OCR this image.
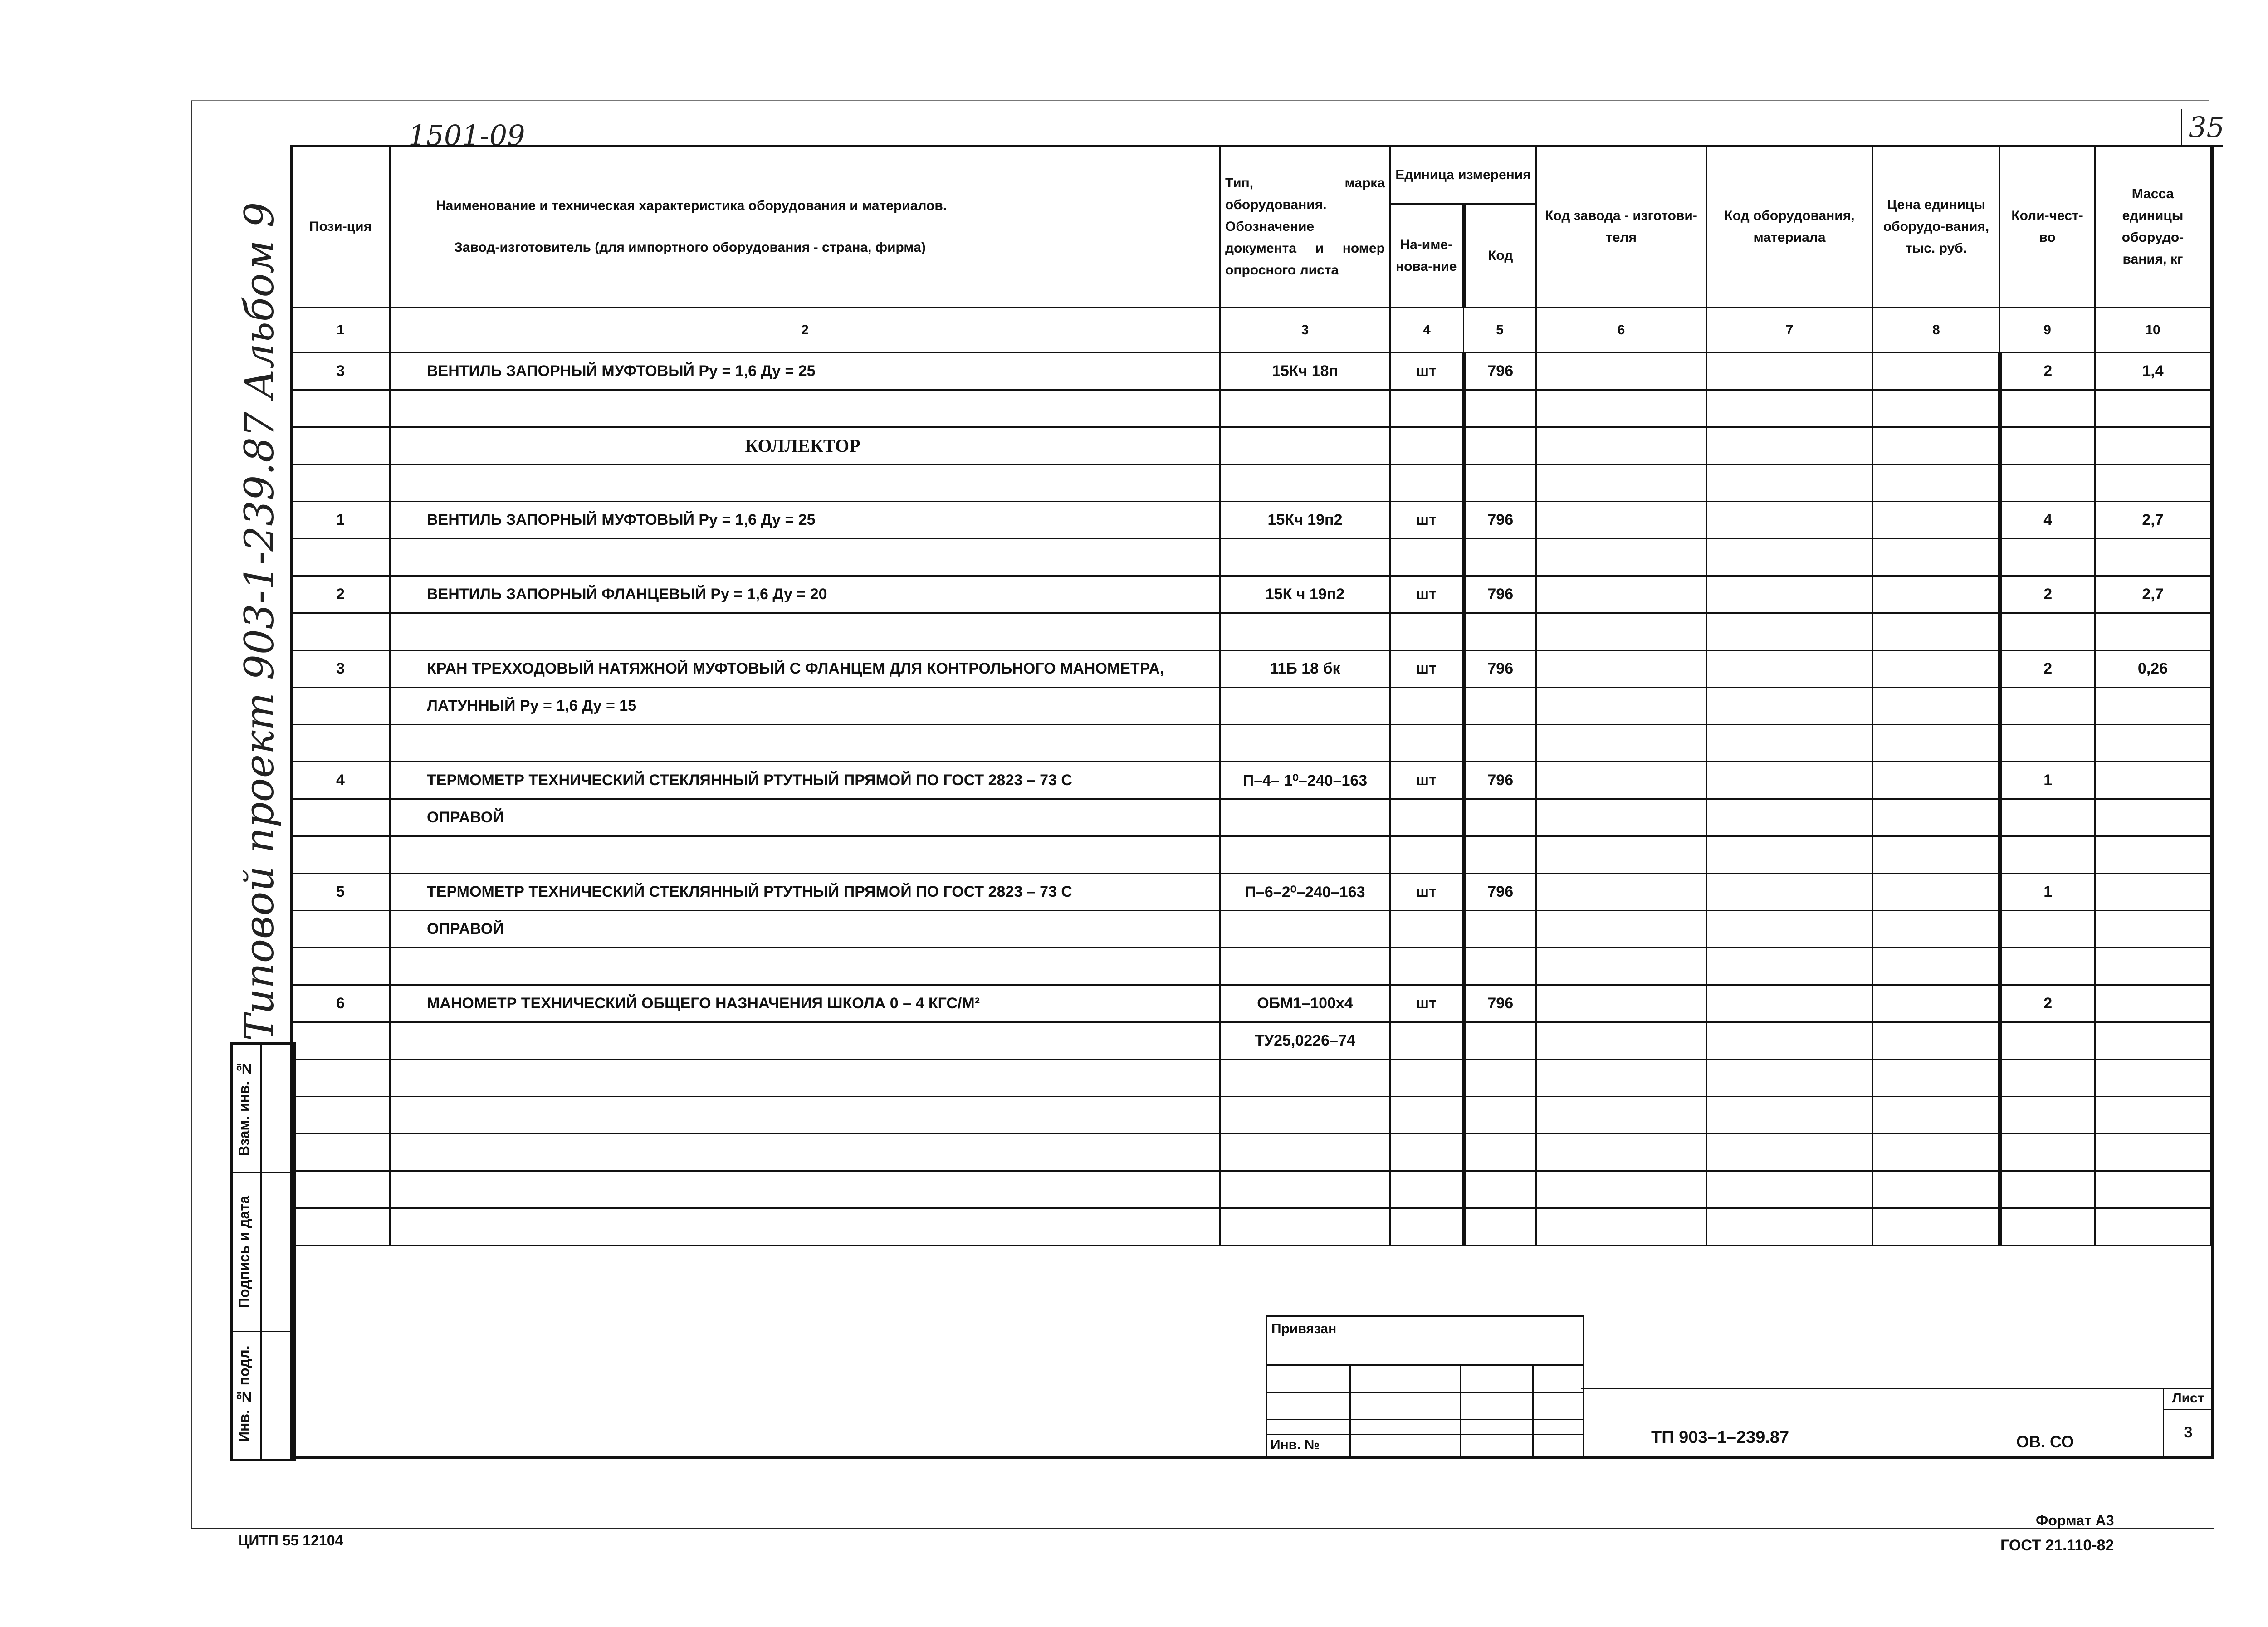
1501-09	35
Типовой проект 903-1-239.87 Альбом 9 Пози-ция	Наименование и техническая характеристика оборудования и материалов.
Завод-изготовитель (для импортного оборудования - страна, фирма)	Тип, марка оборудования. Обозначение документа и номер опросного листа	Единица измерения		Код завода - изготови-теля	Код оборудования, материала	Цена единицы оборудо-вания, тыс. руб.	Коли-чест-во	Масса единицы оборудо-вания, кг
			На-име-нова-ние	Код					
1	2	3	4	5	6	7	8	9	10
3	ВЕНТИЛЬ ЗАПОРНЫЙ МУФТОВЫЙ Ру = 1,6 Ду = 25	15Кч 18п	шт	796				2	1,4

	КОЛЛЕКТОР								

1	ВЕНТИЛЬ ЗАПОРНЫЙ МУФТОВЫЙ Ру = 1,6 Ду = 25	15Кч 19п2	шт	796				4	2,7

2	ВЕНТИЛЬ ЗАПОРНЫЙ ФЛАНЦЕВЫЙ Ру = 1,6 Ду = 20	15К ч 19п2	шт	796				2	2,7

3	КРАН ТРЕХХОДОВЫЙ НАТЯЖНОЙ МУФТОВЫЙ С ФЛАНЦЕМ ДЛЯ КОНТРОЛЬНОГО МАНОМЕТРА,	11Б 18 бк	шт	796				2	0,26
	ЛАТУННЫЙ Ру = 1,6 Ду = 15								

4	ТЕРМОМЕТР ТЕХНИЧЕСКИЙ СТЕКЛЯННЫЙ РТУТНЫЙ ПРЯМОЙ ПО ГОСТ 2823 – 73 С	П–4– 1⁰–240–163	шт	796				1	
	ОПРАВОЙ								

5	ТЕРМОМЕТР ТЕХНИЧЕСКИЙ СТЕКЛЯННЫЙ РТУТНЫЙ ПРЯМОЙ ПО ГОСТ 2823 – 73 С	П–6–2⁰–240–163	шт	796				1	
	ОПРАВОЙ								

6	МАНОМЕТР ТЕХНИЧЕСКИЙ ОБЩЕГО НАЗНАЧЕНИЯ ШКОЛА 0 – 4 КГС/М²	ОБМ1–100х4	шт	796				2	
		ТУ25,0226–74							

Взам. инв. №
Подпись и дата
Инв. № подл.
Привязан
Инв. №
Лист
3
ТП 903–1–239.87	ОВ. СО
ЦИТП 55 12104
Формат А3
ГОСТ 21.110-82
